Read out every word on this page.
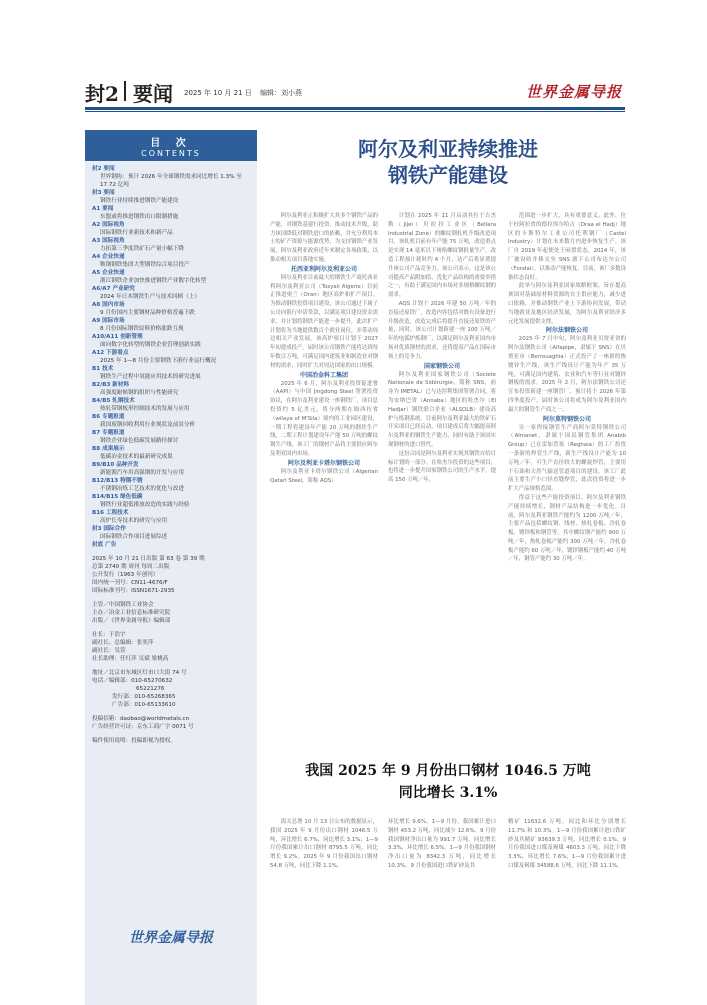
封2 要闻 2025 年 10 月 21 日 编辑：刘小燕	世界金属导报
目 次
CONTENTS
封2 要闻
世界钢协：预计 2026 年全球钢铁需求同比增长 1.3% 至 17.72 亿吨
封3 要闻
钢铁行业持续推进钢铁产能建设
A1 要闻
东盟或将推进钢铁出口限制措施
A2 国际视角
国际钢铁行业新技术和新产品
A3 国际视角
力拓第三季度铁矿石产量小幅下降
A4 企业快递
鞍钢钢铁集团大型钢铁综合项目投产
A5 企业快递
浙江钢铁企业加快推进钢铁产业数字化转型
A6/A7 产业研究
2024 年日本钢铁生产与技术回顾（上）
A8 国内市场
9 月份国内主要钢材品种价格普遍下跌
A9 国际市场
8 月份国际钢铁原料价格涨跌互现
A10/A11 创新管理
面向数字化转型的钢铁企业管理创新实践
A12 下游看点
2025 年 1—8 月份主要钢铁下游行业运行概况
B1 技术
钢铁生产过程中氢能应用技术的研究进展
B2/B3 新材料
高强度耐候钢的组织与性能研究
B4/B5 轧钢技术
热轧带钢板形控制技术的发展与应用
B6 专题报道
我国废钢回收利用行业现状及前景分析
B7 专题报道
钢铁企业绿色低碳发展路径探讨
B8 成果展示
低碳冶金技术的最新研究成果
B9/B10 品种开发
新能源汽车用高强钢的开发与应用
B12/B13 特钢不锈
不锈钢冶炼工艺技术的优化与改进
B14/B15 绿色低碳
钢铁行业超低排放改造的实践与经验
B16 工程技术
高炉长寿技术的研究与应用
封3 国际合作
国际钢铁合作项目进展综述
封底 广告
2025 年 10 月 21 日出版 第 63 卷 第 39 期
总第 2740 期 周刊 每周二出版
公开发行（1963 年创刊）
国内统一刊号：CN11-4676/F
国际标准刊号：ISSN1671-2935
主管／中国钢铁工业协会
主办／冶金工业信息标准研究院
出版／《世界金属导报》编辑部
社长：于浩宇
副社长、总编辑：张奕萍
副社长：吴萱
社长助理：任红萍 吴斌 梁桃高
地址／北京市东城区灯市口大街 74 号
电话／编辑部：010-65270632
65221276
发行部：010-65268365
广告部：010-65133610
投稿信箱：daobao@worldmetals.cn
广告经营许可证：京东工商广字 0071 号
稿件使用说明：投稿即视为授权。
世界金属导报
阿尔及利亚持续推进
钢铁产能建设

阿尔及利亚正积极扩大其多个钢铁产品的产能，对钢铁基建行投资，推动技术升级，助力该国降低对钢铁进口的依赖，并允分利用本土的矿产资源与能源优势，为支持钢铁产业发展，阿尔及利亚政府近年来制定各项政策，以推动相关项目落地实施。

托西亚利阿尔及利亚公司

阿尔及利亚目前最大的钢铁生产商托西亚利阿尔及利亚公司（Tosyali Algerie）目前正推进奥兰（Oran）地区高炉和扩产项目。为推动钢铁投资项目建设，该公司通过下属子公司向银行申请贷款，以满足项目建设资金需求，并计划将钢铁产能进一步提升，此次扩产计划将为当地提供数百个就业岗位，并带动周边相关产业发展。该高炉项目计划于 2027 年初建成投产，届时该公司钢铁产能将达到每年数百万吨，可满足国内建筑业和制造业对钢材的需求，同时扩大对周边国家的出口规模。

中国冶金科工集团

2025 年 6 月，阿尔及利亚投资促进署（AAPI）与中国 Jingdong Steel 签署投资协议，在阿尔及利亚建设一座钢铁厂，项目总投资约 5 亿美元，将分两期在姆西拉省（wilaya of M'Sila）境内的工业园区建设，一期工程将建设年产能 20 万吨的钢坯生产线，二期工程计划建设年产能 50 万吨的螺纹钢生产线，该工厂的钢材产品将主要供应阿尔及利亚国内市场。

阿尔及利亚卡塔尔钢铁公司

阿尔及利亚卡塔尔钢铁公司（Algerian Qatari Steel，简称 AQS）

计划在 2025 年 11 月启动其位于吉杰勒（Jijel）贝拉拉工业区（Bellara Industrial Zone）的螺纹钢轧机升级改造项目，该轧机目前有年产能 75 万吨，改造重点是实现 14 毫米以下规格螺纹钢批量生产，改造工程预计耗时约 4 个月，达产后将显著提升该公司产品竞争力。该公司表示，这是该公司提高产品附加值、优化产品结构的重要举措之一，有助于满足国内市场对多规格螺纹钢的需求。

AQS 计划于 2026 年建 50 万吨／年的直接还原铁厂，改造内容包括对既有设备进行升级改造，改造完成后将提升直接还原铁的产量，同时，该公司计划新建一座 100 万吨／年的电弧炉炼钢厂，以满足阿尔及利亚国内市场对优质钢材的需求，还将提高产品在国际市场上的竞争力。

国家钢铁公司

阿尔及利亚国家钢铁公司（Societe Nationale de Sidérurgie，简称 SNS，前身为 IMETAL）已与达涅利集团签署合同，将为安纳巴省（Annaba）地区的哈杰尔（El Hadjar）钢铁联合企业（ALSOLB）建设高炉与炼钢系统。目前阿尔及利亚最大的铁矿石开采项目已经启动，项目建成后将大幅提高阿尔及利亚的钢铁生产能力，同时有助于该国实现钢材的进口替代。

这份合同是阿尔及利亚实现其钢铁自给目标计划的一部分。在哈杰尔投资的这些项目，也将进一步提升国家钢铁公司的生产水平，提高 150 万吨／年。

范围进一步扩大，具有重要意义。此外，位于杜阿拉省的德拉埃尔哈吉（Draa el Hadj）地区的卡斯特尔工业公司托利钢厂（Castel Industry）计划在未来数月内进步恢复生产。该厂自 2019 年起便处于闲置状态，2024 年，该厂被设收并移交至 SNS 旗下公司布达尔公司（Fondal），以推动产能恢复，目前，该厂多数设备状态良好。

此举与阿尔及利亚国家战略框架，旨在提高该国对基础原材料资源的自主供应能力，减少进口依赖，并推动钢铁产业上下游协同发展，带动当地就业及地区经济发展，为阿尔及利亚经济多元化发展提供支撑。

阿尔法钢铁公司

2025 年 7 月中旬，阿尔及利亚贝贾亚省的阿尔法钢铁公司（Alfapipe，隶属于 SNS）在贝贾亚市（Berrouaghia）正式投产了一座新的热镀锌生产线，该生产线设计产能为年产 35 万吨，可满足国内建筑、农业和汽车等行业对镀锌钢板的需求。2025 年 2 月，阿尔法钢铁公司还宣布投资新建一座钢管厂，预计将于 2026 年第四季度投产，届时该公司将成为阿尔及利亚国内最大的钢管生产商之一。

阿尔莫特钢铁公司

另一家焊接钢管生产商阿尔莫特钢铁公司（Almanet，隶属于国民钢管集团 Anabib Group）已在雷加普塞（Reghaia）的工厂投资一条新的焊管生产线，新生产线设计产能为 10 万吨／年，可生产直径较大的螺旋焊管，主要用于石油和天然气输送管道项目的建设。该工厂此前主要生产小口径直缝焊管，此次投资将进一步扩大产品规格范围。

得益于这些产能投资项目，阿尔及利亚钢铁产能持续增长，钢材产品结构进一步优化。目前，阿尔及利亚钢铁产能约为 1200 万吨／年，主要产品包括螺纹钢、线材、热轧卷板、冷轧卷板、镀锌板和钢管等，其中螺纹钢产能约 900 万吨／年，热轧卷板产能约 300 万吨／年，冷轧卷板产能约 60 万吨／年，镀锌钢板产能约 40 万吨／年，钢管产能约 30 万吨／年。

我国 2025 年 9 月份出口钢材 1046.5 万吨
同比增长 3.1%

海关总署 10 月 13 日公布的数据显示，我国 2025 年 9 月份出口钢材 1046.5 万吨，环比增长 6.7%，同比增长 3.1%；1—9 月份我国累计出口钢材 8795.5 万吨，同比增长 9.2%。2025 年 9 月份我国出口钢材 54.8 万吨，同比下降 1.1%，

环比增长 9.6%。1—9 月份，我国累计进口钢材 453.2 万吨，同比减少 12.6%。9 月份我国钢材净出口量为 991.7 万吨，同比增长 3.3%，环比增长 6.5%。1—9 月份我国钢材净出口量为 8342.3 万吨，同比增长 10.3%。9 月份我国进口铁矿砂及其

精矿 11632.6 万吨，同比和环比分别增长 11.7% 和 10.3%。1—9 月份我国累计进口铁矿砂及其精矿 93639.3 万吨，同比增长 0.1%。9 月份我国进口煤及褐煤 4603.3 万吨，同比下降 3.3%，环比增长 7.6%；1—9 月份我国累计进口煤及褐煤 34588.6 万吨，同比下降 11.1%。
